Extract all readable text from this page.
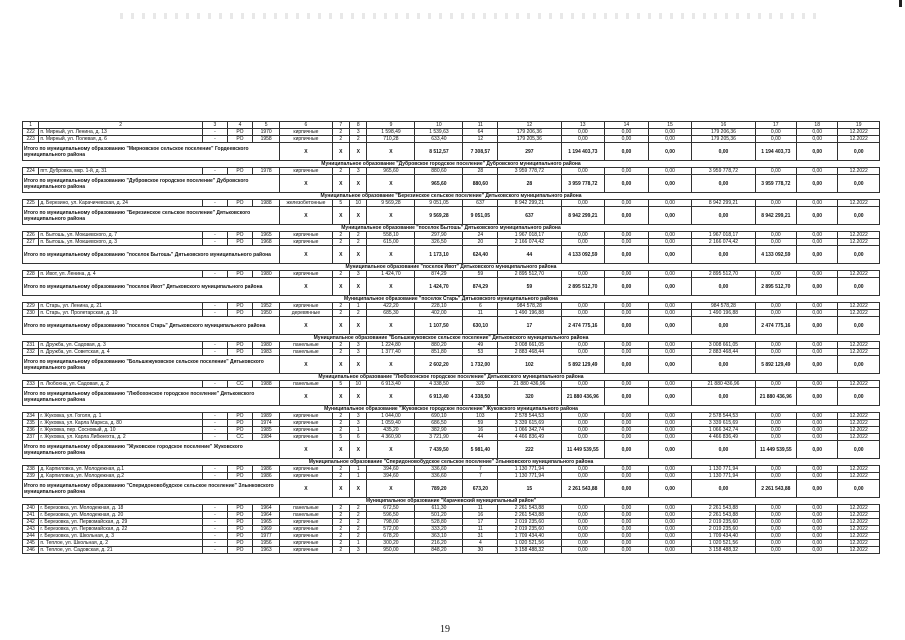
1	2	3	4	5	6	7	8	9	10	11	12	13	14	15	16	17	18	19
222	п. Мирный, ул. Ленина, д. 13	-	РО	1970	кирпичные	2	3	1 598,49	1 539,63	64	179 206,36	0,00	0,00	0,00	179 206,36	0,00	0,00	12.2022
223	п. Мирный, ул. Полевая, д. 6	-	РО	1958	кирпичные	2	2	710,28	633,40	12	179 205,36	0,00	0,00	0,00	179 205,36	0,00	0,00	12.2022
Итого по муниципальному образованию "Мирновское сельское поселение" Гордеевского муниципального района					X	X	X	X	8 512,57	7 308,57	297	1 194 403,73	0,00	0,00	0,00	1 194 403,73	0,00	0,00
Муниципальное образование "Дубровское городское поселение" Дубровского муниципального района																		
224	пгт. Дубровка, мкр. 1-й, д. 31	-	РО	1978	кирпичные	2	3	965,60	880,60	28	3 959 778,72	0,00	0,00	0,00	3 959 778,72	0,00	0,00	12.2022
Итого по муниципальному образованию "Дубровское городское поселение" Дубровского муниципального района					X	X	X	X	965,60	880,60	28	3 959 778,72	0,00	0,00	0,00	3 959 778,72	0,00	0,00
Муниципальное образование "Березинское сельское поселение" Дятьковского муниципального района																		
225	д. Березино, ул. Карачичевская, д. 24	-	РО	1988	железобетонные	5	10	9 569,28	9 051,05	637	8 942 299,21	0,00	0,00	0,00	8 942 299,21	0,00	0,00	12.2022
Итого по муниципальному образованию "Березинское сельское поселение" Дятьковского муниципального района					X	X	X	X	9 569,28	9 051,05	637	8 942 299,21	0,00	0,00	0,00	8 942 299,21	0,00	0,00
Муниципальное образование "поселок Бытошь" Дятьковского муниципального района																		
226	п. Бытошь, ул. Мокшевского, д. 7	-	РО	1965	кирпичные	2	2	558,10	297,90	24	1 967 018,17	0,00	0,00	0,00	1 967 018,17	0,00	0,00	12.2022
227	п. Бытошь, ул. Мокшевского, д. 3	-	РО	1968	кирпичные	2	2	615,00	326,50	20	2 166 074,42	0,00	0,00	0,00	2 166 074,42	0,00	0,00	12.2022
Итого по муниципальному образованию "поселок Бытошь" Дятьковского муниципального района					X	X	X	X	1 173,10	624,40	44	4 133 092,59	0,00	0,00	0,00	4 133 092,59	0,00	0,00
Муниципальное образование "поселок Ивот" Дятьковского муниципального района																		
228	п. Ивот, ул. Ленина, д. 4	-	РО	1980	кирпичные	2	3	1 424,70	874,29	59	2 895 512,70	0,00	0,00	0,00	2 895 512,70	0,00	0,00	12.2022
Итого по муниципальному образованию "поселок Ивот" Дятьковского муниципального района					X	X	X	X	1 424,70	874,29	59	2 895 512,70	0,00	0,00	0,00	2 895 512,70	0,00	0,00
Муниципальное образование "поселок Старь" Дятьковского муниципального района																		
229	п. Старь, ул. Ленина, д. 21	-	РО	1952	кирпичные	2	1	422,20	228,10	6	984 578,28	0,00	0,00	0,00	984 578,28	0,00	0,00	12.2022
230	п. Старь, ул. Пролетарская, д. 10	-	РО	1950	деревянные	2	2	685,30	402,00	11	1 490 196,88	0,00	0,00	0,00	1 490 196,88	0,00	0,00	12.2022
Итого по муниципальному образованию "поселок Старь" Дятьковского муниципального района					X	X	X	X	1 107,50	630,10	17	2 474 775,16	0,00	0,00	0,00	2 474 775,16	0,00	0,00
Муниципальное образование "Большежуковское сельское поселение" Дятьковского муниципального района																		
231	п. Дружба, ул. Садовая, д. 3	-	РО	1980	панельные	2	3	1 224,80	880,20	49	3 008 661,05	0,00	0,00	0,00	3 008 661,05	0,00	0,00	12.2022
232	п. Дружба, ул. Советская, д. 4	-	РО	1983	панельные	2	3	1 377,40	851,80	53	2 883 468,44	0,00	0,00	0,00	2 883 468,44	0,00	0,00	12.2022
Итого по муниципальному образованию "Большежуковское сельское поселение" Дятьковского муниципального района					X	X	X	X	2 602,20	1 732,00	102	5 892 129,49	0,00	0,00	0,00	5 892 129,49	0,00	0,00
Муниципальное образование "Любохонское городское поселение" Дятьковского муниципального района																		
233	п. Любохна, ул. Садовая, д. 2	-	СС	1988	панельные	5	10	6 913,40	4 338,50	320	21 880 436,96	0,00	0,00	0,00	21 880 436,96	0,00	0,00	12.2022
Итого по муниципальному образованию "Любохонское городское поселение" Дятьковского муниципального района					X	X	X	X	6 913,40	4 338,50	320	21 880 436,96	0,00	0,00	0,00	21 880 436,96	0,00	0,00
Муниципальное образование "Жуковское городское поселение" Жуковского муниципального района																		
234	г. Жуковка, ул. Гоголя, д. 1	-	РО	1989	кирпичные	2	3	1 044,00	690,10	103	2 578 544,53	0,00	0,00	0,00	2 578 544,53	0,00	0,00	12.2022
235	г. Жуковка, ул. Карла Маркса, д. 80	-	РО	1974	кирпичные	2	3	1 059,40	686,50	59	3 339 615,69	0,00	0,00	0,00	3 339 615,69	0,00	0,00	12.2022
236	г. Жуковка, пер. Сосновый, д. 10	-	РО	1985	кирпичные	2	1	435,20	382,90	16	1 066 342,74	0,00	0,00	0,00	1 066 342,74	0,00	0,00	12.2022
237	г. Жуковка, ул. Карла Либкнехта, д. 2	-	СС	1984	кирпичные	5	6	4 360,90	3 721,90	44	4 466 836,49	0,00	0,00	0,00	4 466 836,49	0,00	0,00	12.2022
Итого по муниципальному образованию "Жуковское городское поселение" Жуковского муниципального района					X	X	X	X	7 439,50	5 981,40	222	11 449 539,55	0,00	0,00	0,00	11 449 539,55	0,00	0,00
Муниципальное образование "Сперидоновобудское сельское поселение" Злынковского муниципального района																		
238	д. Карпиловка, ул. Молодежная, д.1	-	РО	1986	кирпичные	2	1	394,60	336,60	7	1 130 771,94	0,00	0,00	0,00	1 130 771,94	0,00	0,00	12.2022
239	д. Карпиловка, ул. Молодежная, д.2	-	РО	1986	кирпичные	2	1	394,60	336,60	7	1 130 771,94	0,00	0,00	0,00	1 130 771,94	0,00	0,00	12.2022
Итого по муниципальному образованию "Сперидоновобудское сельское поселение" Злынковского муниципального района					X	X	X	X	789,20	673,20	15	2 261 543,88	0,00	0,00	0,00	2 261 543,88	0,00	0,00
Муниципальное образование "Карачевский муниципальный район"																		
240	г. Березовка, ул. Молодежная, д. 18	-	РО	1964	панельные	2	2	672,50	611,30	11	2 261 543,88	0,00	0,00	0,00	2 261 543,88	0,00	0,00	12.2022
241	г. Березовка, ул. Молодежная, д. 20	-	РО	1964	панельные	2	2	596,50	501,20	16	2 261 543,88	0,00	0,00	0,00	2 261 543,88	0,00	0,00	12.2022
242	г. Березовка, ул. Первомайская, д. 29	-	РО	1965	кирпичные	2	2	798,00	528,80	17	2 019 235,60	0,00	0,00	0,00	2 019 235,60	0,00	0,00	12.2022
243	г. Березовка, ул. Первомайская, д. 22	-	РО	1969	кирпичные	2	2	572,00	333,20	11	2 019 235,60	0,00	0,00	0,00	2 019 235,60	0,00	0,00	12.2022
244	г. Березовка, ул. Школьная, д. 3	-	РО	1977	кирпичные	2	2	678,20	363,10	31	1 709 434,40	0,00	0,00	0,00	1 709 434,40	0,00	0,00	12.2022
245	п. Теплое, ул. Школьная, д. 2	-	РО	1956	кирпичные	2	1	300,20	216,20	4	1 020 521,56	0,00	0,00	0,00	1 020 521,56	0,00	0,00	12.2022
246	п. Теплое, ул. Садовская, д. 21	-	РО	1963	кирпичные	2	3	950,00	848,20	30	3 158 488,32	0,00	0,00	0,00	3 158 488,32	0,00	0,00	12.2022
19
